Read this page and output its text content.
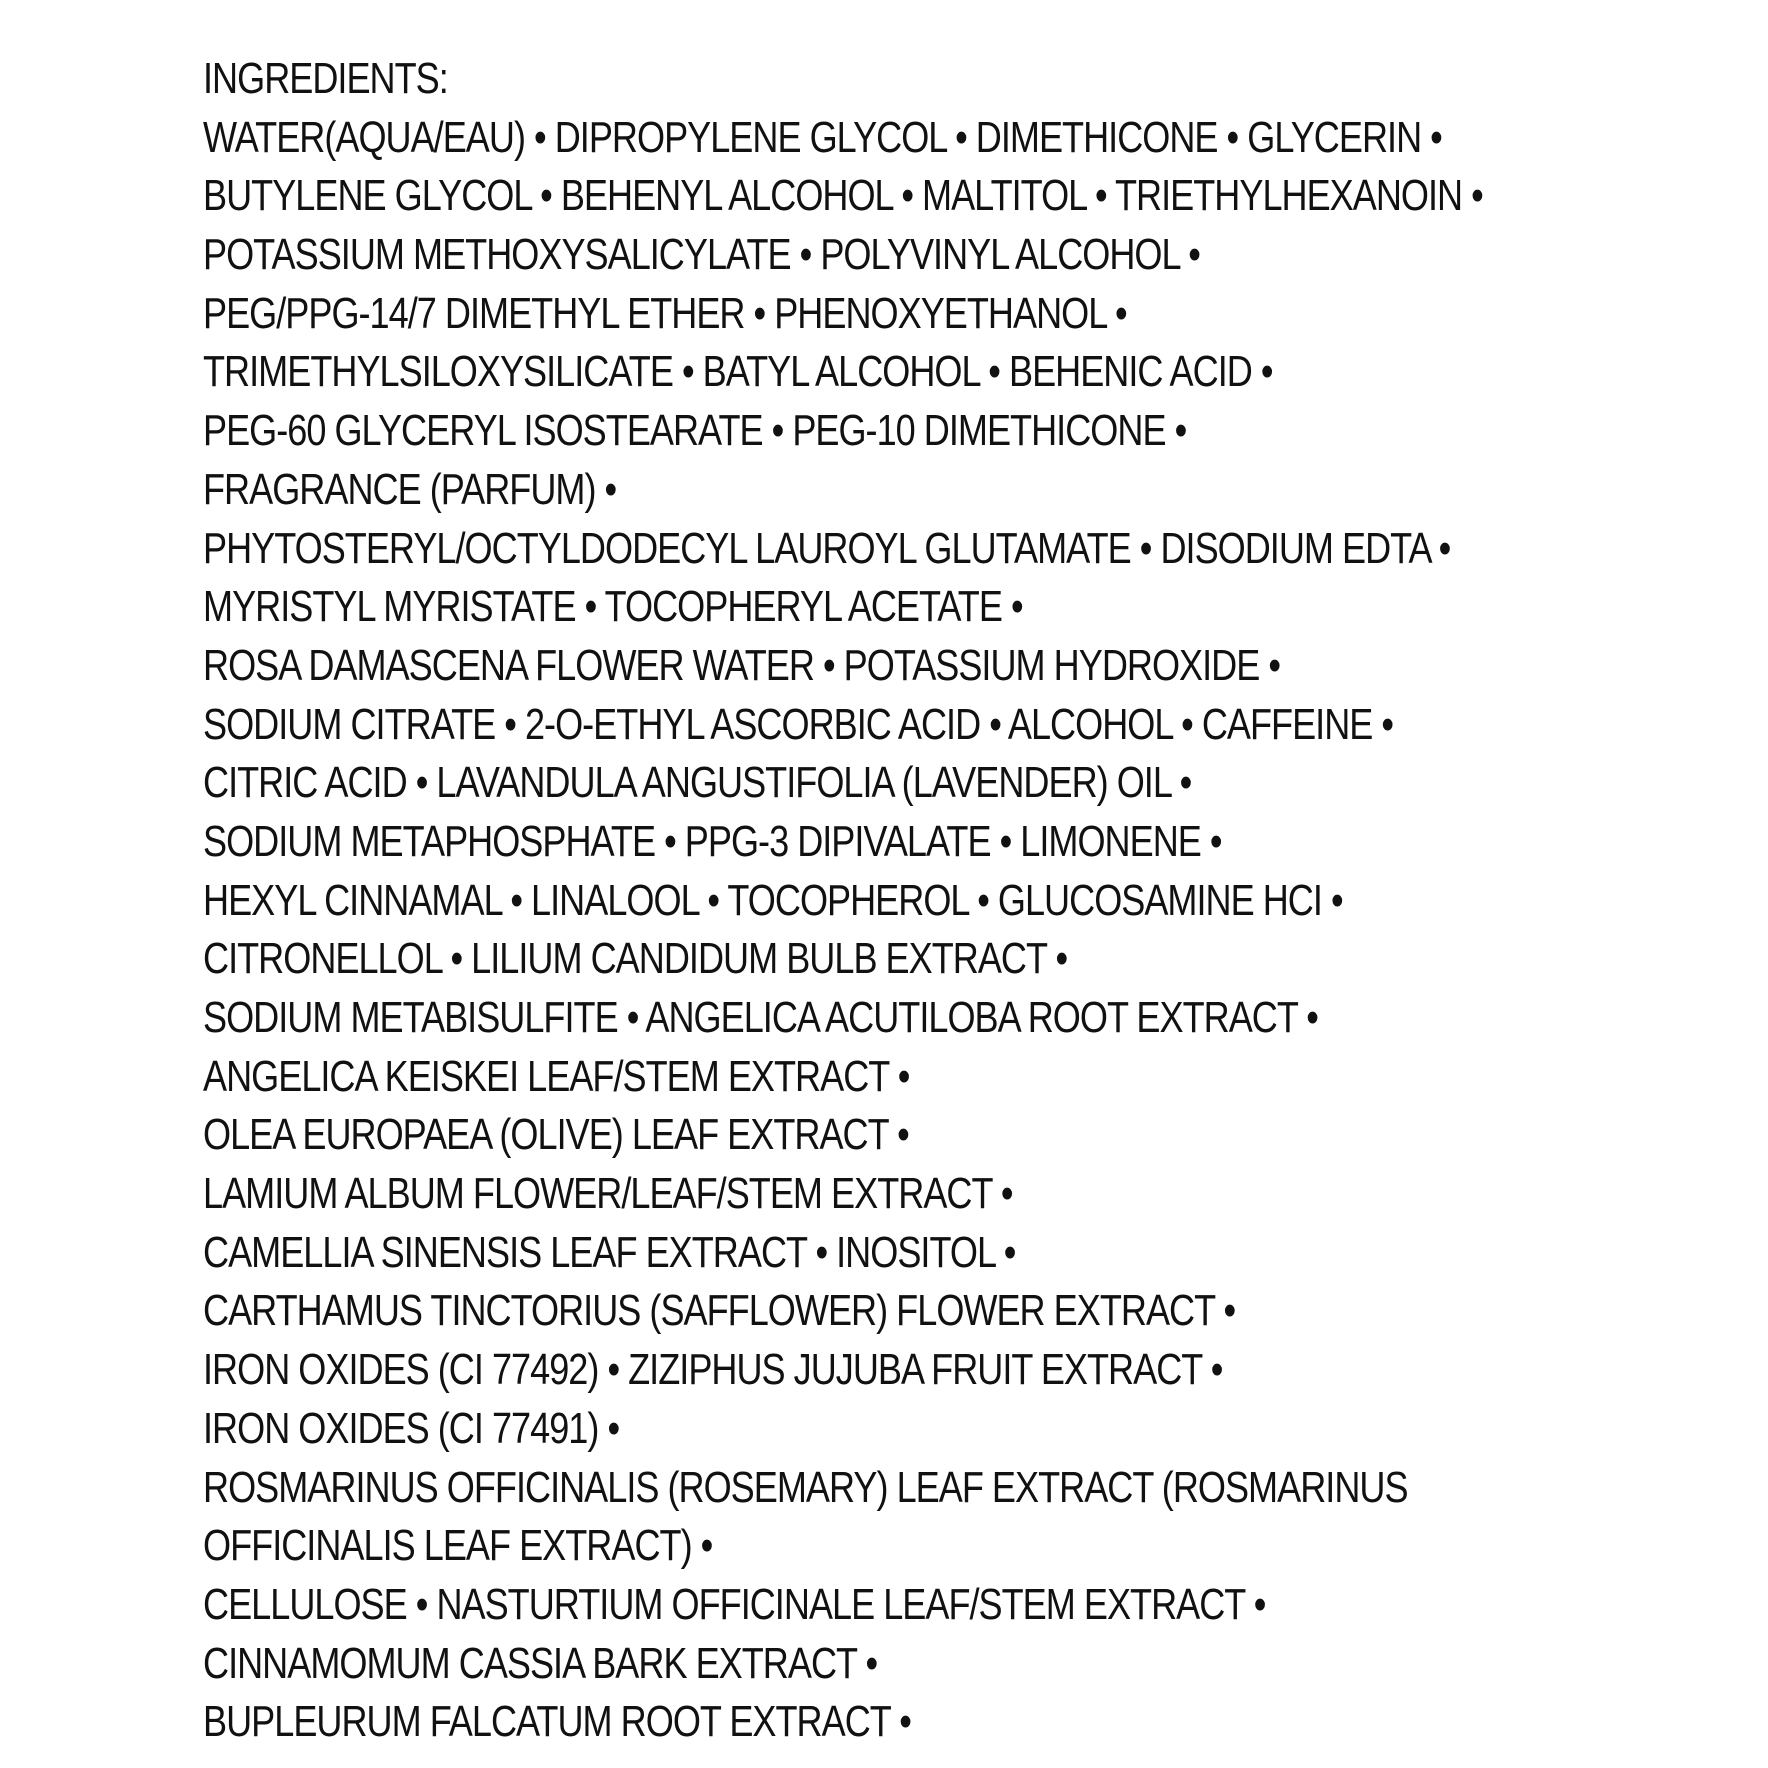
INGREDIENTS:
WATER(AQUA/EAU) • DIPROPYLENE GLYCOL • DIMETHICONE • GLYCERIN •
BUTYLENE GLYCOL • BEHENYL ALCOHOL • MALTITOL • TRIETHYLHEXANOIN •
POTASSIUM METHOXYSALICYLATE • POLYVINYL ALCOHOL •
PEG/PPG-14/7 DIMETHYL ETHER • PHENOXYETHANOL •
TRIMETHYLSILOXYSILICATE • BATYL ALCOHOL • BEHENIC ACID •
PEG-60 GLYCERYL ISOSTEARATE • PEG-10 DIMETHICONE •
FRAGRANCE (PARFUM) •
PHYTOSTERYL/OCTYLDODECYL LAUROYL GLUTAMATE • DISODIUM EDTA •
MYRISTYL MYRISTATE • TOCOPHERYL ACETATE •
ROSA DAMASCENA FLOWER WATER • POTASSIUM HYDROXIDE •
SODIUM CITRATE • 2-O-ETHYL ASCORBIC ACID • ALCOHOL • CAFFEINE •
CITRIC ACID • LAVANDULA ANGUSTIFOLIA (LAVENDER) OIL •
SODIUM METAPHOSPHATE • PPG-3 DIPIVALATE • LIMONENE •
HEXYL CINNAMAL • LINALOOL • TOCOPHEROL • GLUCOSAMINE HCI •
CITRONELLOL • LILIUM CANDIDUM BULB EXTRACT •
SODIUM METABISULFITE • ANGELICA ACUTILOBA ROOT EXTRACT •
ANGELICA KEISKEI LEAF/STEM EXTRACT •
OLEA EUROPAEA (OLIVE) LEAF EXTRACT •
LAMIUM ALBUM FLOWER/LEAF/STEM EXTRACT •
CAMELLIA SINENSIS LEAF EXTRACT • INOSITOL •
CARTHAMUS TINCTORIUS (SAFFLOWER) FLOWER EXTRACT •
IRON OXIDES (CI 77492) • ZIZIPHUS JUJUBA FRUIT EXTRACT •
IRON OXIDES (CI 77491) •
ROSMARINUS OFFICINALIS (ROSEMARY) LEAF EXTRACT (ROSMARINUS
OFFICINALIS LEAF EXTRACT) •
CELLULOSE • NASTURTIUM OFFICINALE LEAF/STEM EXTRACT •
CINNAMOMUM CASSIA BARK EXTRACT •
BUPLEURUM FALCATUM ROOT EXTRACT •
